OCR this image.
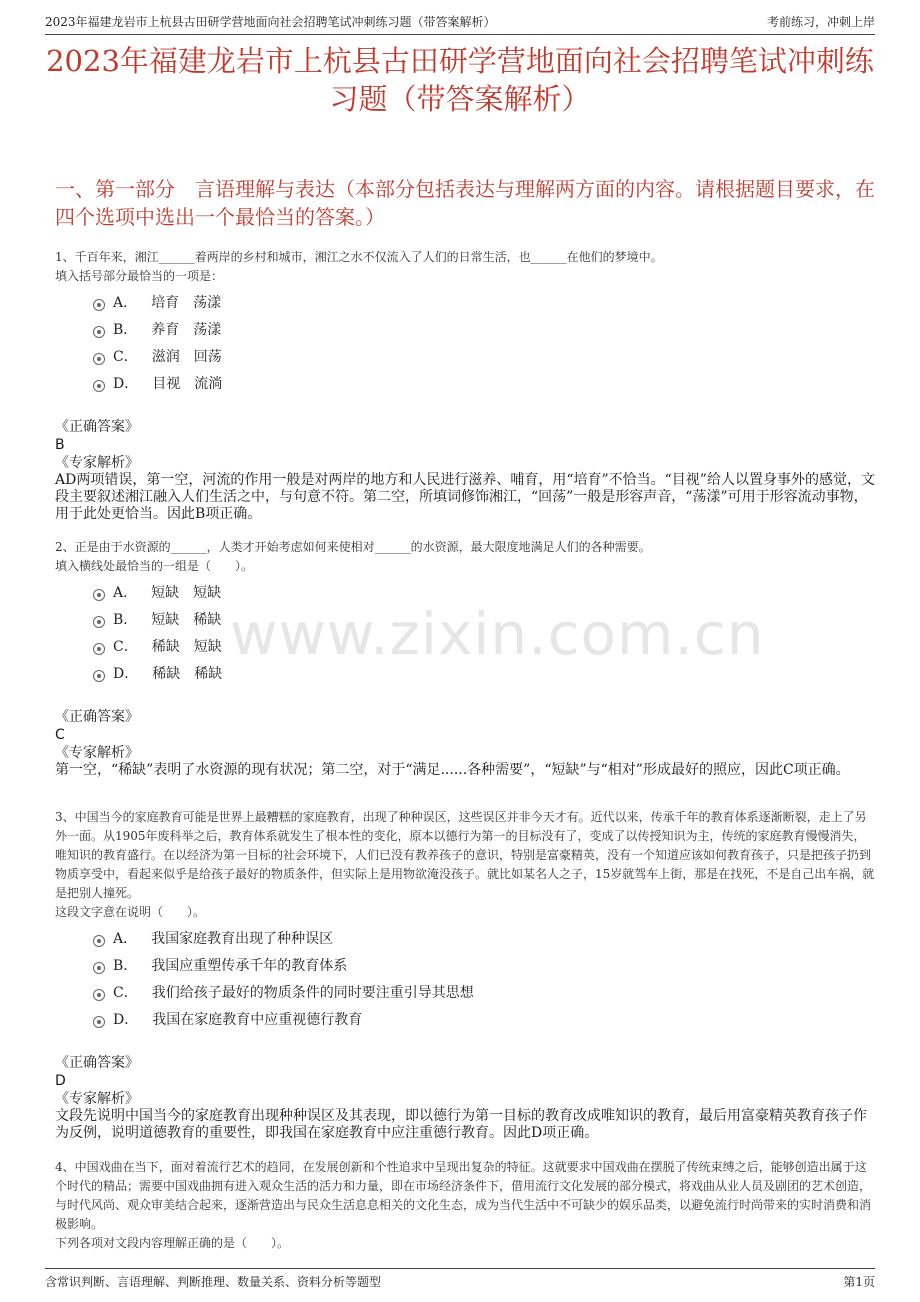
2023年福建龙岩市上杭县古田研学营地面向社会招聘笔试冲刺练习题（带答案解析）	考前练习，冲刺上岸
2023年福建龙岩市上杭县古田研学营地面向社会招聘笔试冲刺练习题（带答案解析）
一、第一部分　言语理解与表达（本部分包括表达与理解两方面的内容。请根据题目要求，在四个选项中选出一个最恰当的答案。）
www.zixin.com.cn
1、千百年来，湘江______着两岸的乡村和城市，湘江之水不仅流入了人们的日常生活，也______在他们的梦境中。
填入括号部分最恰当的一项是：
A． 培育　荡漾
B． 养育　荡漾
C． 滋润　回荡
D． 目视　流淌
《正确答案》
B
《专家解析》
AD两项错误，第一空，河流的作用一般是对两岸的地方和人民进行滋养、哺育，用“培育”不恰当。“目视”给人以置身事外的感觉，文段主要叙述湘江融入人们生活之中，与句意不符。第二空，所填词修饰湘江，“回荡”一般是形容声音，“荡漾”可用于形容流动事物，用于此处更恰当。因此B项正确。
2、正是由于水资源的______，人类才开始考虑如何来使相对______的水资源，最大限度地满足人们的各种需要。
填入横线处最恰当的一组是（　　）。
A． 短缺　短缺
B． 短缺　稀缺
C． 稀缺　短缺
D． 稀缺　稀缺
《正确答案》
C
《专家解析》
第一空，“稀缺”表明了水资源的现有状况；第二空，对于“满足......各种需要”，“短缺”与“相对”形成最好的照应，因此C项正确。
3、中国当今的家庭教育可能是世界上最糟糕的家庭教育，出现了种种误区，这些误区并非今天才有。近代以来，传承千年的教育体系逐渐断裂，走上了另外一面。从1905年废科举之后，教育体系就发生了根本性的变化，原本以德行为第一的目标没有了，变成了以传授知识为主，传统的家庭教育慢慢消失，唯知识的教育盛行。在以经济为第一目标的社会环境下，人们已没有教养孩子的意识，特别是富豪精英，没有一个知道应该如何教育孩子，只是把孩子扔到物质享受中，看起来似乎是给孩子最好的物质条件，但实际上是用物欲淹没孩子。就比如某名人之子，15岁就驾车上街，那是在找死，不是自己出车祸，就是把别人撞死。
这段文字意在说明（　　）。
A． 我国家庭教育出现了种种误区
B． 我国应重塑传承千年的教育体系
C． 我们给孩子最好的物质条件的同时要注重引导其思想
D． 我国在家庭教育中应重视德行教育
《正确答案》
D
《专家解析》
文段先说明中国当今的家庭教育出现种种误区及其表现，即以德行为第一目标的教育改成唯知识的教育，最后用富豪精英教育孩子作为反例，说明道德教育的重要性，即我国在家庭教育中应注重德行教育。因此D项正确。
4、中国戏曲在当下，面对着流行艺术的趋同，在发展创新和个性追求中呈现出复杂的特征。这就要求中国戏曲在摆脱了传统束缚之后，能够创造出属于这个时代的精品；需要中国戏曲拥有进入观众生活的活力和力量，即在市场经济条件下，借用流行文化发展的部分模式，将戏曲从业人员及剧团的艺术创造，与时代风尚、观众审美结合起来，逐渐营造出与民众生活息息相关的文化生态，成为当代生活中不可缺少的娱乐品类，以避免流行时尚带来的实时消费和消极影响。
下列各项对文段内容理解正确的是（　　）。
含常识判断、言语理解、判断推理、数量关系、资料分析等题型	第1页
